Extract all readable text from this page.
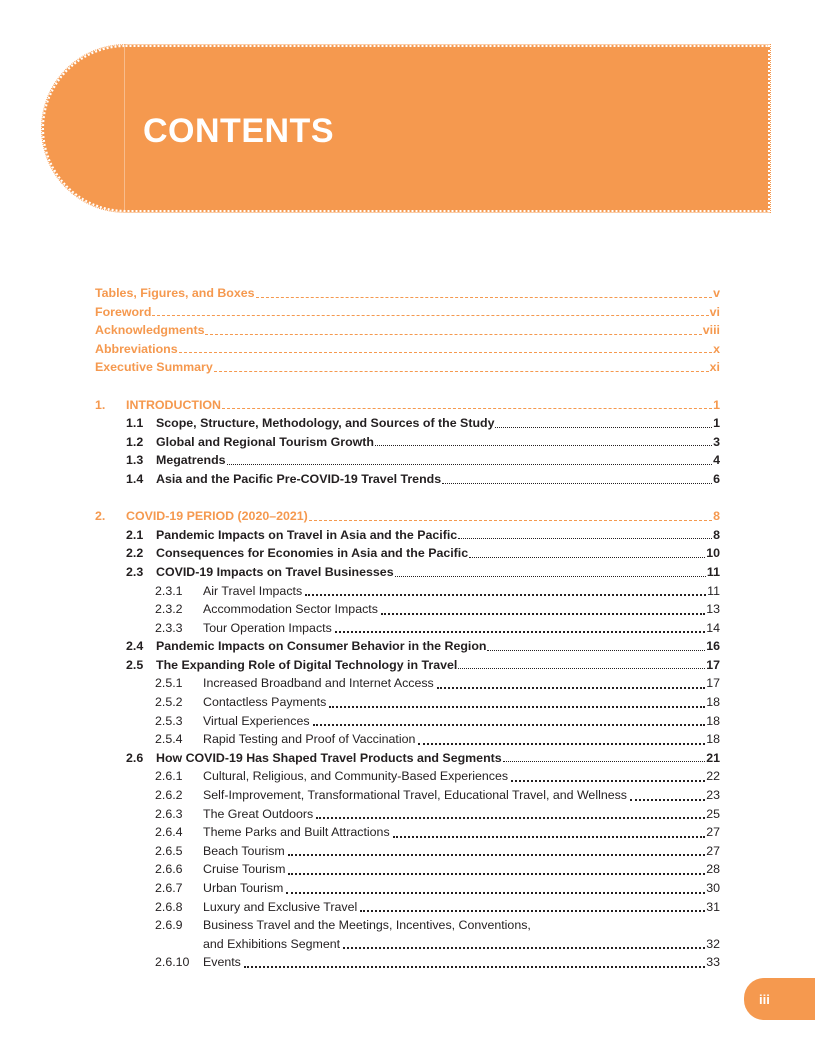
CONTENTS
Tables, Figures, and Boxes	v
Foreword	vi
Acknowledgments	viii
Abbreviations	x
Executive Summary	xi
1.	INTRODUCTION	1
1.1	Scope, Structure, Methodology, and Sources of the Study	1
1.2	Global and Regional Tourism Growth	3
1.3	Megatrends	4
1.4	Asia and the Pacific Pre-COVID-19 Travel Trends	6
2.	COVID-19 PERIOD (2020–2021)	8
2.1	Pandemic Impacts on Travel in Asia and the Pacific	8
2.2	Consequences for Economies in Asia and the Pacific	10
2.3	COVID-19 Impacts on Travel Businesses	11
2.3.1	Air Travel Impacts	11
2.3.2	Accommodation Sector Impacts	13
2.3.3	Tour Operation Impacts	14
2.4	Pandemic Impacts on Consumer Behavior in the Region	16
2.5	The Expanding Role of Digital Technology in Travel	17
2.5.1	Increased Broadband and Internet Access	17
2.5.2	Contactless Payments	18
2.5.3	Virtual Experiences	18
2.5.4	Rapid Testing and Proof of Vaccination	18
2.6	How COVID-19 Has Shaped Travel Products and Segments	21
2.6.1	Cultural, Religious, and Community-Based Experiences	22
2.6.2	Self-Improvement, Transformational Travel, Educational Travel, and Wellness	23
2.6.3	The Great Outdoors	25
2.6.4	Theme Parks and Built Attractions	27
2.6.5	Beach Tourism	27
2.6.6	Cruise Tourism	28
2.6.7	Urban Tourism	30
2.6.8	Luxury and Exclusive Travel	31
2.6.9	Business Travel and the Meetings, Incentives, Conventions,
and Exhibitions Segment	32
2.6.10	Events	33
iii
